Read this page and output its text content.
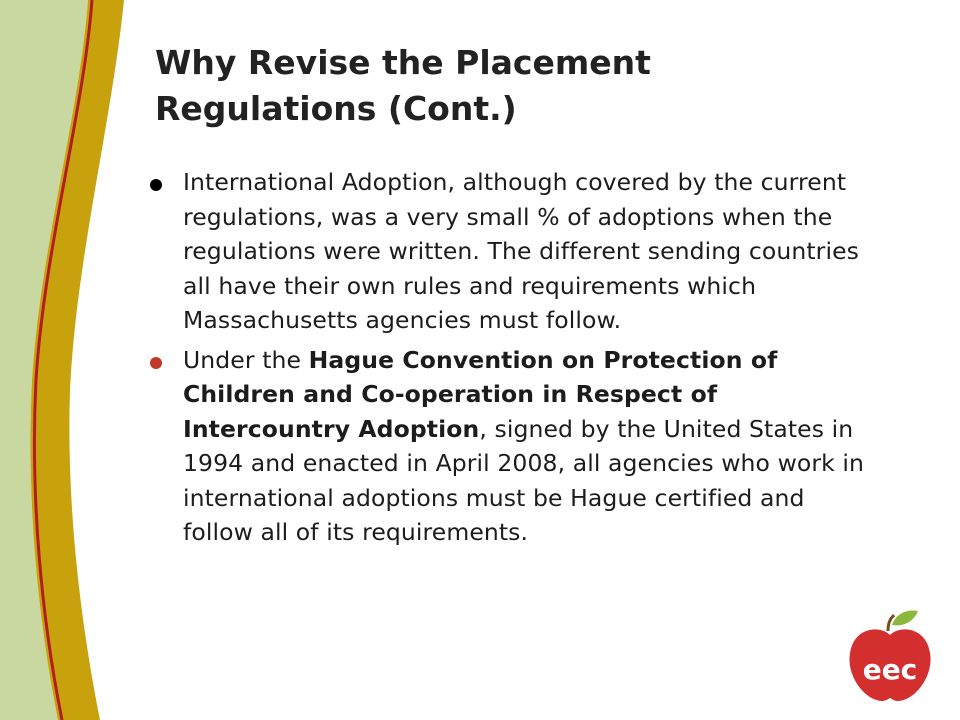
Why Revise the Placement
Regulations (Cont.)
International Adoption, although covered by the current regulations, was a very small % of adoptions when the regulations were written. The different sending countries all have their own rules and requirements which Massachusetts agencies must follow.
Under the Hague Convention on Protection of Children and Co-operation in Respect of Intercountry Adoption, signed by the United States in 1994 and enacted in April 2008, all agencies who work in international adoptions must be Hague certified and follow all of its requirements.
eec
